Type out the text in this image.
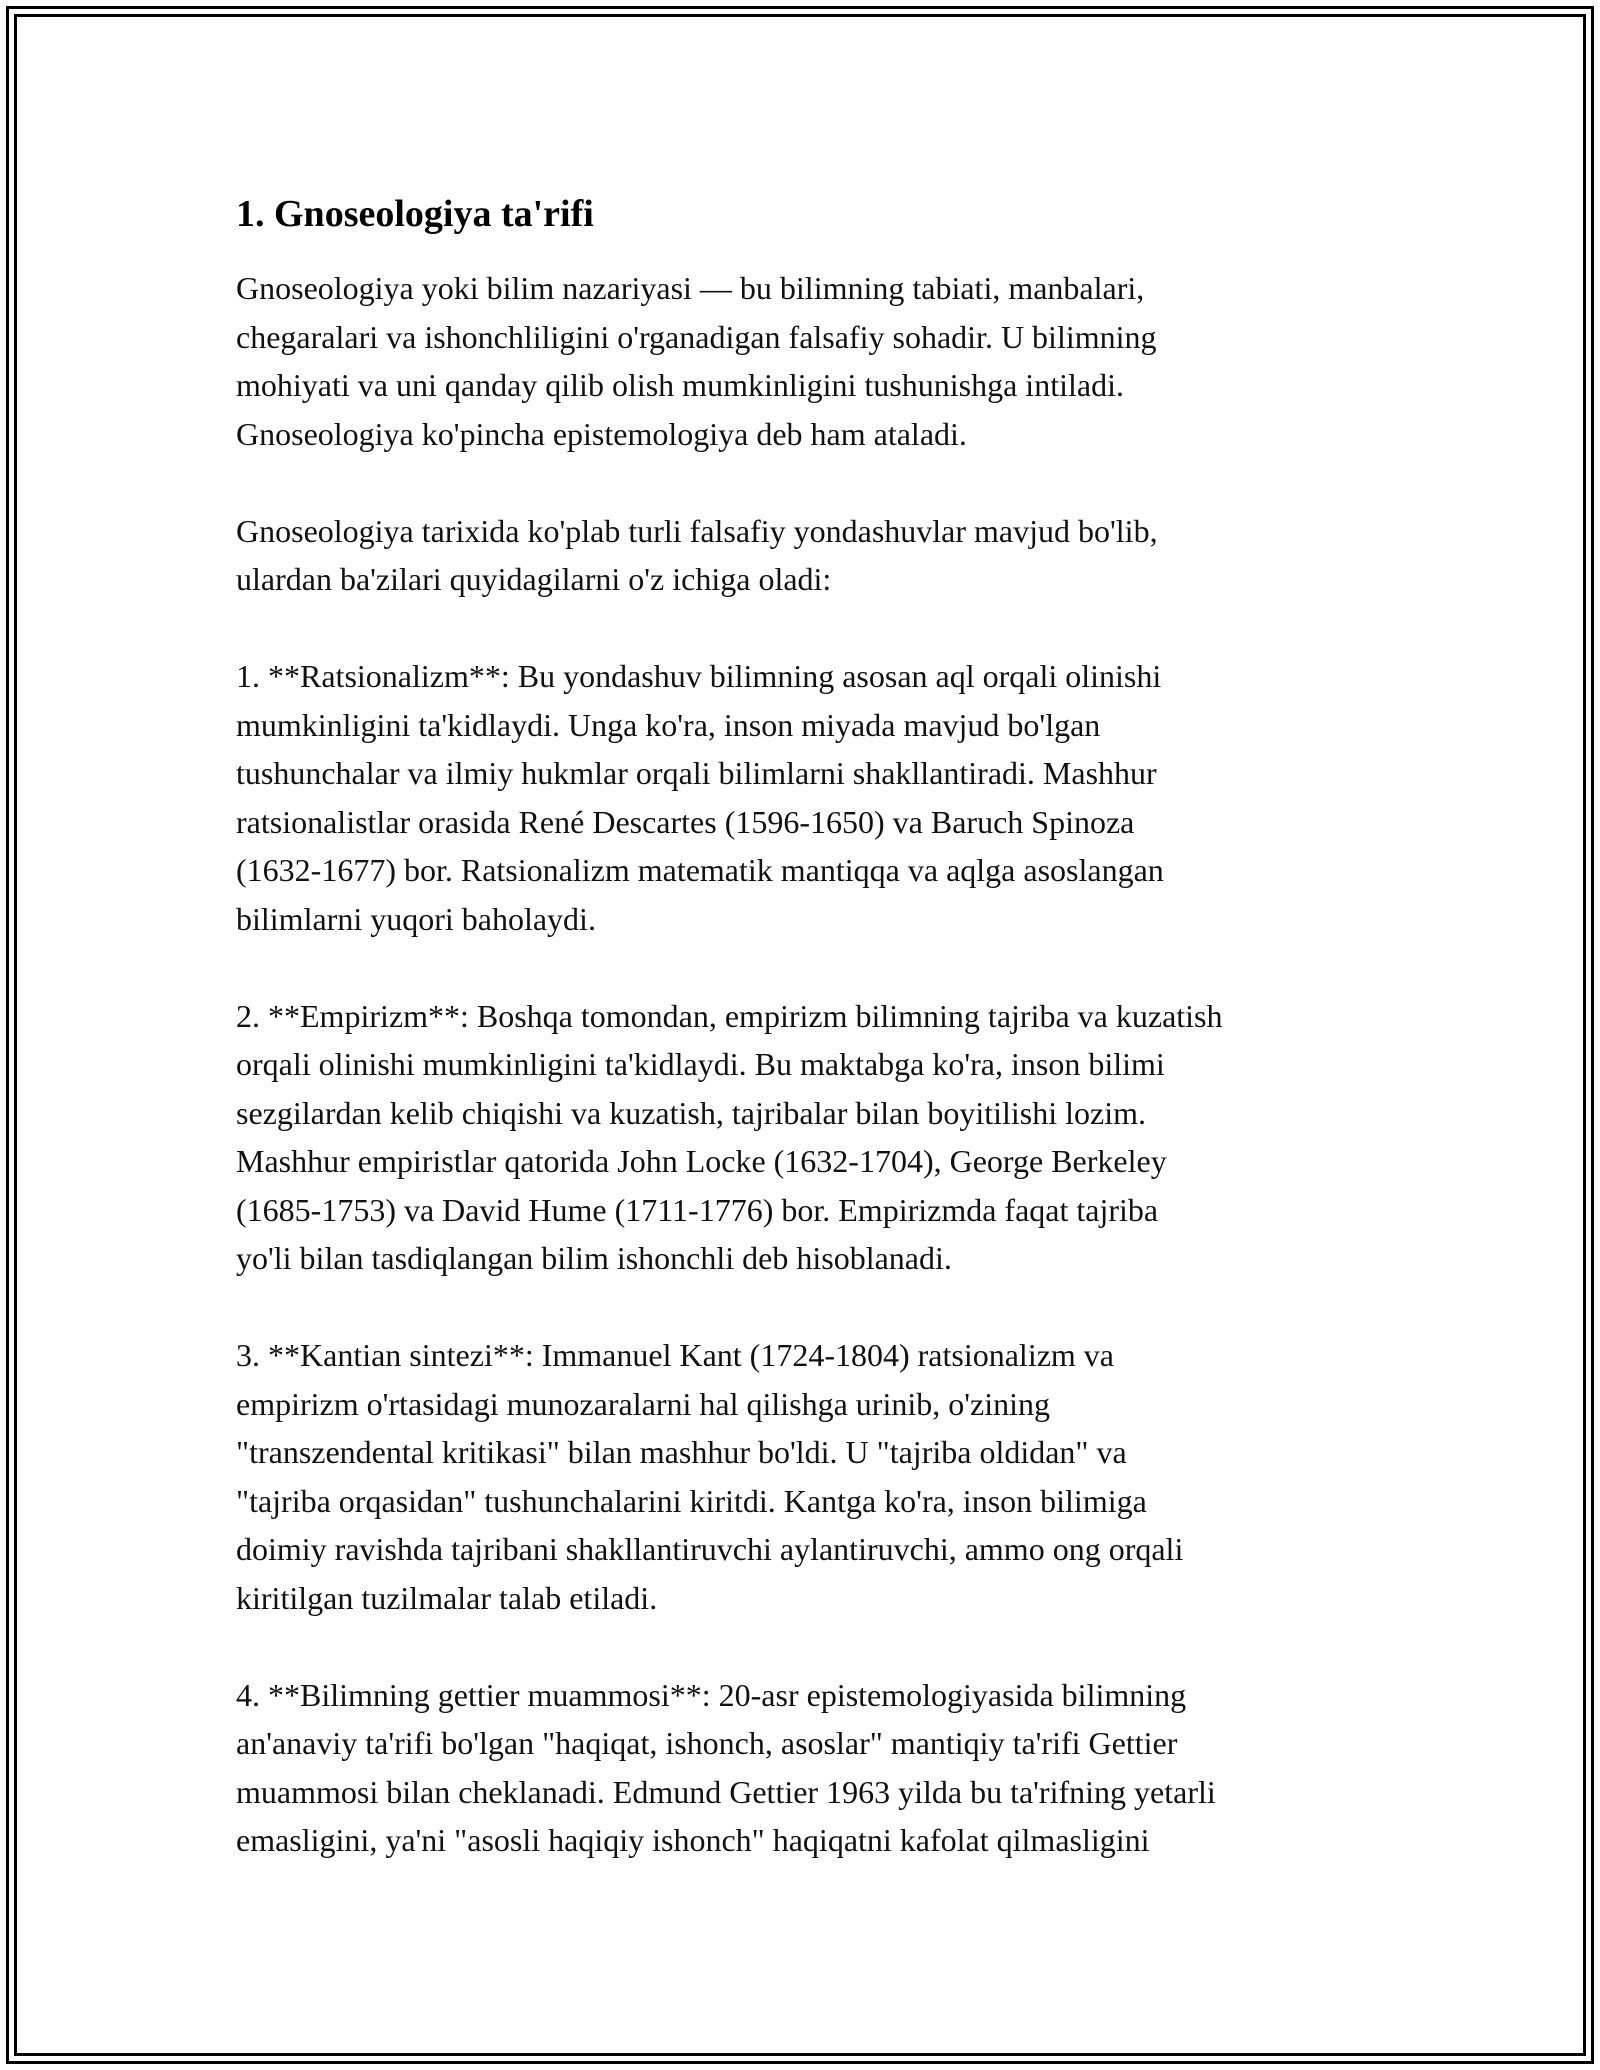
1. Gnoseologiya ta'rifi
Gnoseologiya yoki bilim nazariyasi — bu bilimning tabiati, manbalari,
chegaralari va ishonchliligini o'rganadigan falsafiy sohadir. U bilimning
mohiyati va uni qanday qilib olish mumkinligini tushunishga intiladi.
Gnoseologiya ko'pincha epistemologiya deb ham ataladi.
Gnoseologiya tarixida ko'plab turli falsafiy yondashuvlar mavjud bo'lib,
ulardan ba'zilari quyidagilarni o'z ichiga oladi:
1. **Ratsionalizm**: Bu yondashuv bilimning asosan aql orqali olinishi
mumkinligini ta'kidlaydi. Unga ko'ra, inson miyada mavjud bo'lgan
tushunchalar va ilmiy hukmlar orqali bilimlarni shakllantiradi. Mashhur
ratsionalistlar orasida René Descartes (1596-1650) va Baruch Spinoza
(1632-1677) bor. Ratsionalizm matematik mantiqqa va aqlga asoslangan
bilimlarni yuqori baholaydi.
2. **Empirizm**: Boshqa tomondan, empirizm bilimning tajriba va kuzatish
orqali olinishi mumkinligini ta'kidlaydi. Bu maktabga ko'ra, inson bilimi
sezgilardan kelib chiqishi va kuzatish, tajribalar bilan boyitilishi lozim.
Mashhur empiristlar qatorida John Locke (1632-1704), George Berkeley
(1685-1753) va David Hume (1711-1776) bor. Empirizmda faqat tajriba
yo'li bilan tasdiqlangan bilim ishonchli deb hisoblanadi.
3. **Kantian sintezi**: Immanuel Kant (1724-1804) ratsionalizm va
empirizm o'rtasidagi munozaralarni hal qilishga urinib, o'zining
"transzendental kritikasi" bilan mashhur bo'ldi. U "tajriba oldidan" va
"tajriba orqasidan" tushunchalarini kiritdi. Kantga ko'ra, inson bilimiga
doimiy ravishda tajribani shakllantiruvchi aylantiruvchi, ammo ong orqali
kiritilgan tuzilmalar talab etiladi.
4. **Bilimning gettier muammosi**: 20-asr epistemologiyasida bilimning
an'anaviy ta'rifi bo'lgan "haqiqat, ishonch, asoslar" mantiqiy ta'rifi Gettier
muammosi bilan cheklanadi. Edmund Gettier 1963 yilda bu ta'rifning yetarli
emasligini, ya'ni "asosli haqiqiy ishonch" haqiqatni kafolat qilmasligini
